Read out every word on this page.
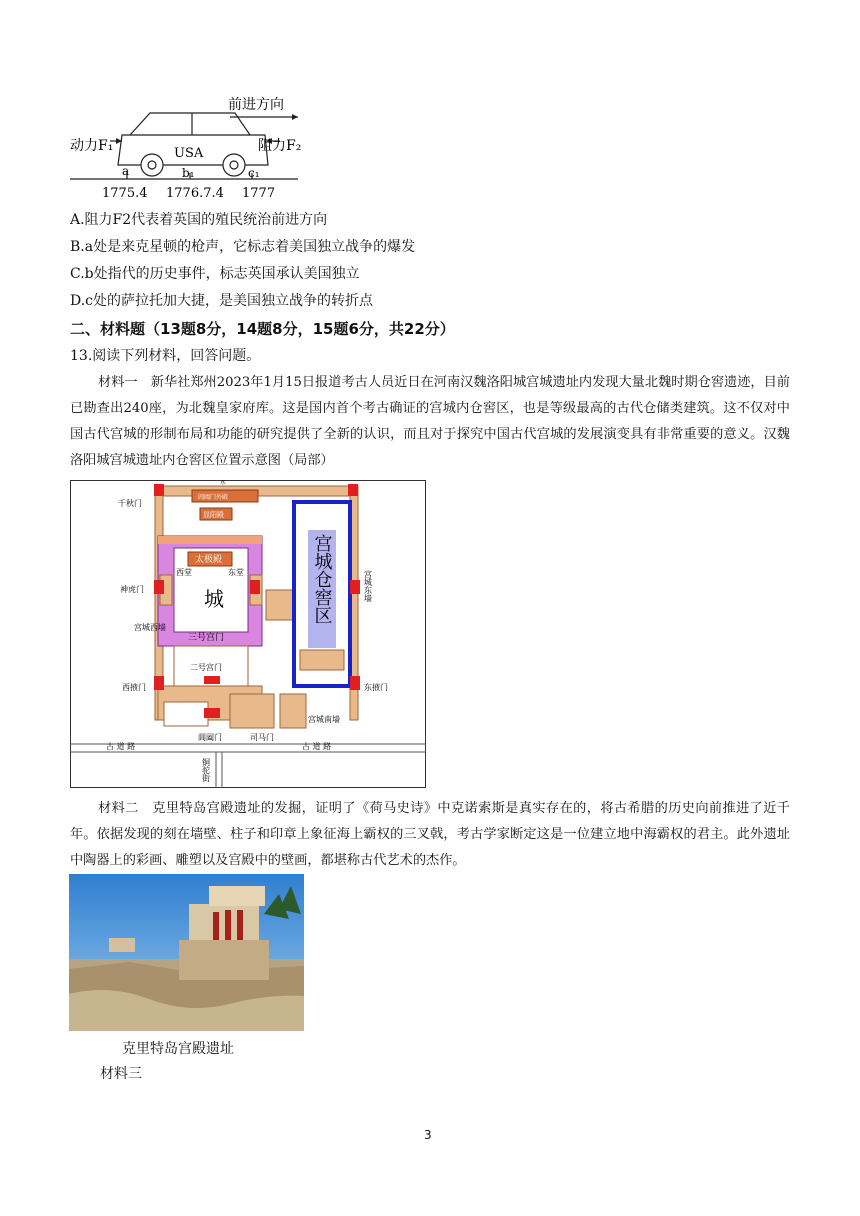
前进方向
动力F₁	阻力F₂
USA
a	b₁	c₁
1775.4 1776.7.4 1777
A.阻力F2代表着英国的殖民统治前进方向
B.a处是来克星顿的枪声，它标志着美国独立战争的爆发
C.b处指代的历史事件，标志英国承认美国独立
D.c处的萨拉托加大捷，是美国独立战争的转折点
二、材料题（13题8分，14题8分，15题6分，共22分）
13.阅读下列材料，回答问题。
材料一　新华社郑州2023年1月15日报道考古人员近日在河南汉魏洛阳城宫城遗址内发现大量北魏时期仓窖遗迹，目前已勘查出240座，为北魏皇家府库。这是国内首个考古确证的宫城内仓窖区，也是等级最高的古代仓储类建筑。这不仅对中国古代宫城的形制布局和功能的研究提供了全新的认识，而且对于探究中国古代宫城的发展演变具有非常重要的意义。汉魏洛阳城宫城遗址内仓窖区位置示意图（局部）
永
阊阖门外殿
千秋门
显阳殿
太极殿
西堂	东堂
城
神虎门
宫城西墙
三号宫门
二号宫门
宫城仓窖区	宫城东墙
西掖门	东掖门
宫城南墙
阊阖门	司马门
古 道 路	古 道 路
铜驼街
材料二　克里特岛宫殿遗址的发掘，证明了《荷马史诗》中克诺索斯是真实存在的，将古希腊的历史向前推进了近千年。依据发现的刻在墙壁、柱子和印章上象征海上霸权的三叉戟，考古学家断定这是一位建立地中海霸权的君主。此外遗址中陶器上的彩画、雕塑以及宫殿中的壁画，都堪称古代艺术的杰作。
克里特岛宫殿遗址
材料三
3
